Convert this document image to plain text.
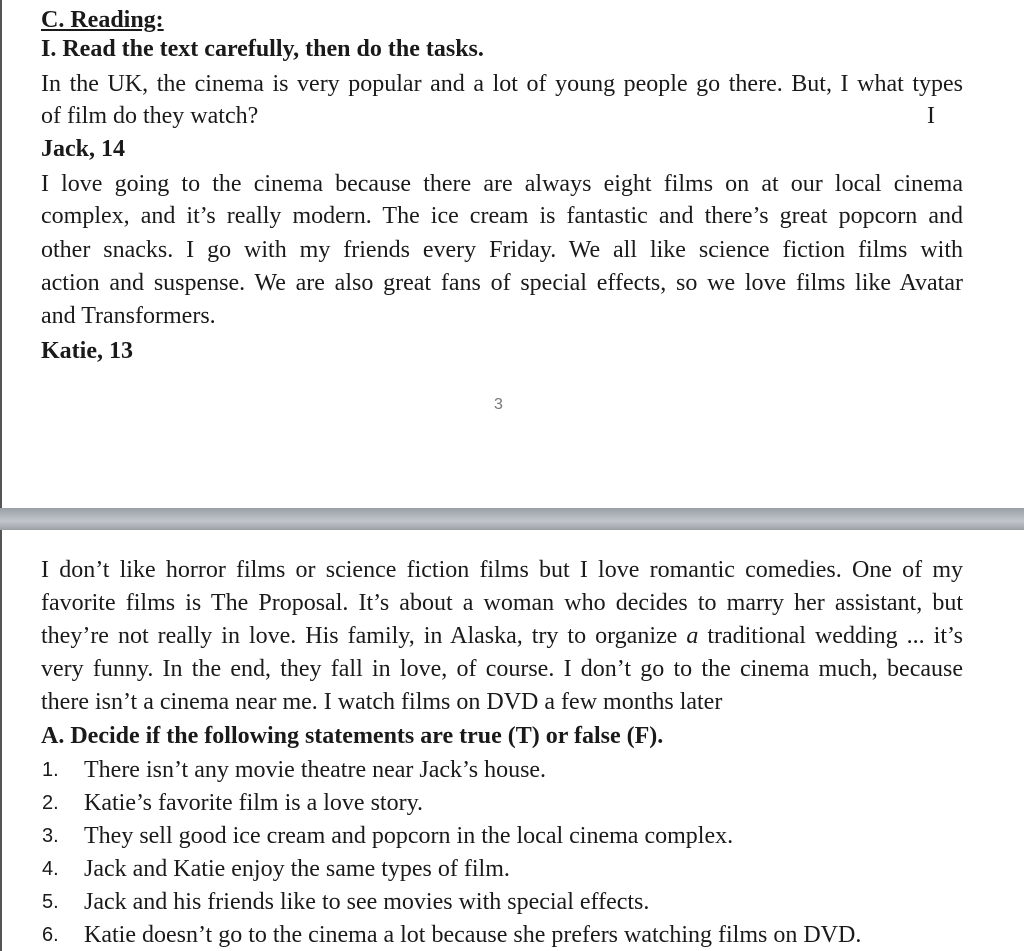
C. Reading:
I. Read the text carefully, then do the tasks.
In the UK, the cinema is very popular and a lot of young people go there. But, I what types
of film do they watch?	I
Jack, 14
I love going to the cinema because there are always eight films on at our local cinema
complex, and it’s really modern. The ice cream is fantastic and there’s great popcorn and
other snacks. I go with my friends every Friday. We all like science fiction films with
action and suspense. We are also great fans of special effects, so we love films like Avatar
and Transformers.
Katie, 13
3
I don’t like horror films or science fiction films but I love romantic comedies. One of my
favorite films is The Proposal. It’s about a woman who decides to marry her assistant, but
they’re not really in love. His family, in Alaska, try to organize a traditional wedding ... it’s
very funny. In the end, they fall in love, of course. I don’t go to the cinema much, because
there isn’t a cinema near me. I watch films on DVD a few months later
A. Decide if the following statements are true (T) or false (F).
1. There isn’t any movie theatre near Jack’s house.
2. Katie’s favorite film is a love story.
3. They sell good ice cream and popcorn in the local cinema complex.
4. Jack and Katie enjoy the same types of film.
5. Jack and his friends like to see movies with special effects.
6. Katie doesn’t go to the cinema a lot because she prefers watching films on DVD.
